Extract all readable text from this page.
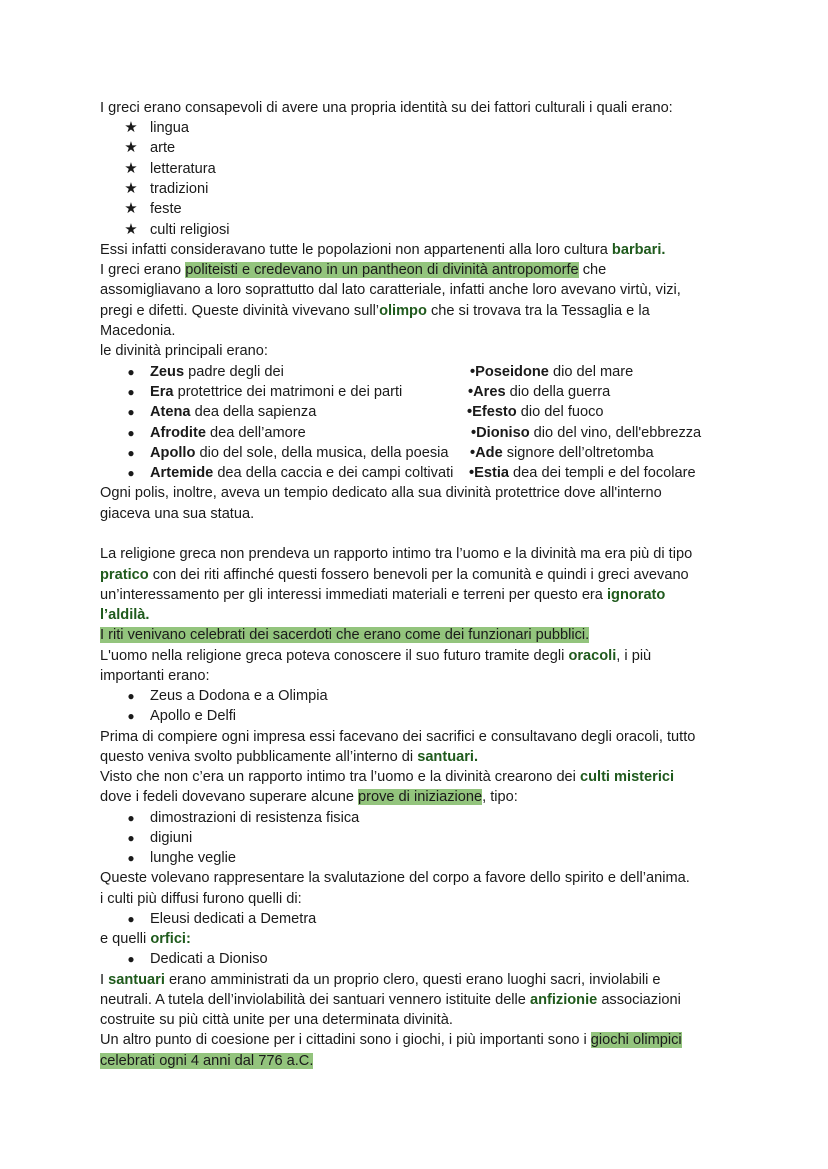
I greci erano consapevoli di avere una propria identità su dei fattori culturali i quali erano:
★ lingua
★ arte
★ letteratura
★ tradizioni
★ feste
★ culti religiosi
Essi infatti consideravano tutte le popolazioni non appartenenti alla loro cultura barbari.
I greci erano politeisti e credevano in un pantheon di divinità antropomorfe che
assomigliavano a loro soprattutto dal lato caratteriale, infatti anche loro avevano virtù, vizi,
pregi e difetti. Queste divinità vivevano sull’olimpo che si trovava tra la Tessaglia e la
Macedonia.
le divinità principali erano:
●	Zeus padre degli dei	•Poseidone dio del mare
●	Era protettrice dei matrimoni e dei parti	•Ares dio della guerra
●	Atena dea della sapienza	•Efesto dio del fuoco
●	Afrodite dea dell’amore	•Dioniso dio del vino, dell'ebbrezza
●	Apollo dio del sole, della musica, della poesia •Ade signore dell’oltretomba
●	Artemide dea della caccia e dei campi coltivati •Estia dea dei templi e del focolare
Ogni polis, inoltre, aveva un tempio dedicato alla sua divinità protettrice dove all'interno
giaceva una sua statua.
La religione greca non prendeva un rapporto intimo tra l’uomo e la divinità ma era più di tipo
pratico con dei riti affinché questi fossero benevoli per la comunità e quindi i greci avevano
un’interessamento per gli interessi immediati materiali e terreni per questo era ignorato
l’aldilà.
I riti venivano celebrati dei sacerdoti che erano come dei funzionari pubblici.
L'uomo nella religione greca poteva conoscere il suo futuro tramite degli oracoli, i più
importanti erano:
●	Zeus a Dodona e a Olimpia
●	Apollo e Delfi
Prima di compiere ogni impresa essi facevano dei sacrifici e consultavano degli oracoli, tutto
questo veniva svolto pubblicamente all’interno di santuari.
Visto che non c’era un rapporto intimo tra l’uomo e la divinità crearono dei culti misterici
dove i fedeli dovevano superare alcune prove di iniziazione, tipo:
●	dimostrazioni di resistenza fisica
●	digiuni
●	lunghe veglie
Queste volevano rappresentare la svalutazione del corpo a favore dello spirito e dell’anima.
i culti più diffusi furono quelli di:
●	Eleusi dedicati a Demetra
e quelli orfici:
●	Dedicati a Dioniso
I santuari erano amministrati da un proprio clero, questi erano luoghi sacri, inviolabili e
neutrali. A tutela dell’inviolabilità dei santuari vennero istituite delle anfizionie associazioni
costruite su più città unite per una determinata divinità.
Un altro punto di coesione per i cittadini sono i giochi, i più importanti sono i giochi olimpici
celebrati ogni 4 anni dal 776 a.C.
